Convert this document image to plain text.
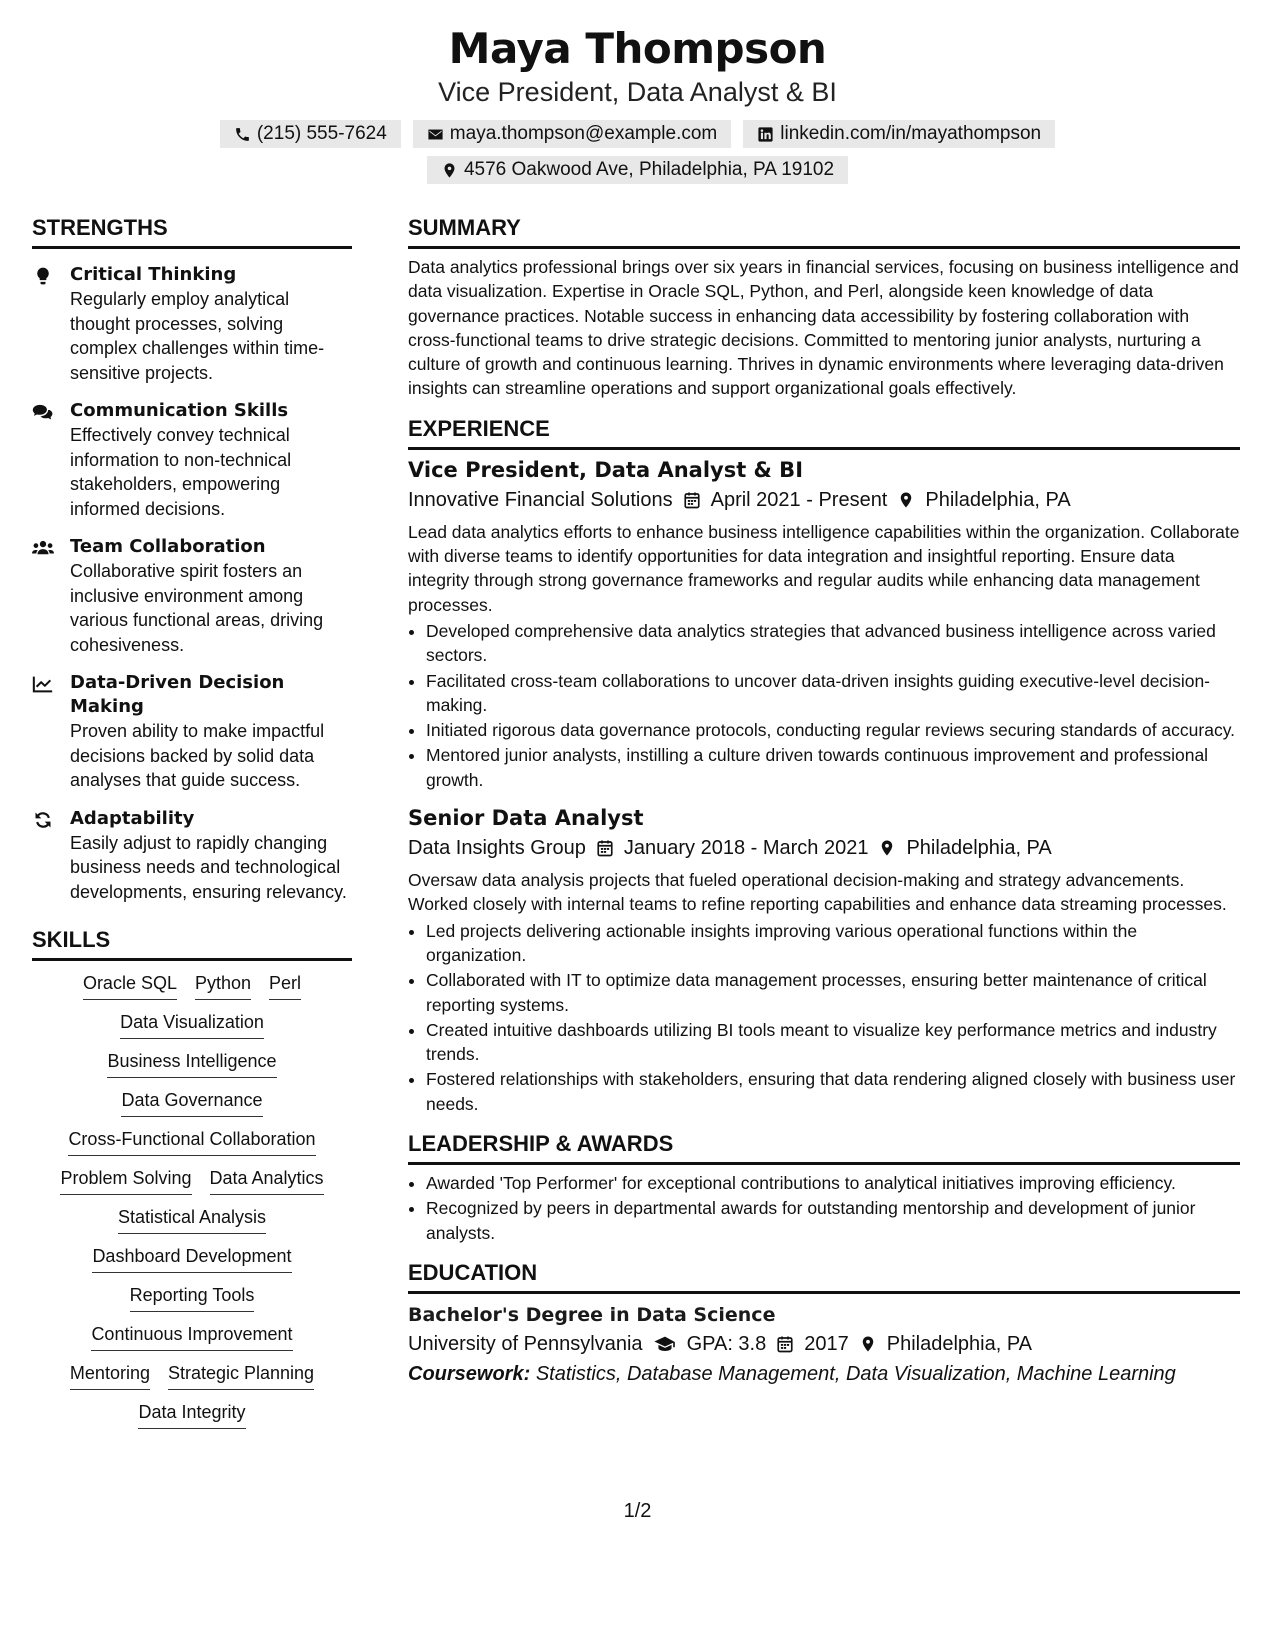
Maya Thompson
Vice President, Data Analyst & BI
(215) 555-7624	maya.thompson@example.com	linkedin.com/in/mayathompson
4576 Oakwood Ave, Philadelphia, PA 19102
STRENGTHS
Critical Thinking
Regularly employ analytical thought processes, solving complex challenges within time-sensitive projects.
Communication Skills
Effectively convey technical information to non-technical stakeholders, empowering informed decisions.
Team Collaboration
Collaborative spirit fosters an inclusive environment among various functional areas, driving cohesiveness.
Data-Driven Decision Making
Proven ability to make impactful decisions backed by solid data analyses that guide success.
Adaptability
Easily adjust to rapidly changing business needs and technological developments, ensuring relevancy.
SKILLS
Oracle SQL Python Perl
Data Visualization
Business Intelligence
Data Governance
Cross-Functional Collaboration
Problem Solving Data Analytics
Statistical Analysis
Dashboard Development
Reporting Tools
Continuous Improvement
Mentoring Strategic Planning
Data Integrity
SUMMARY
Data analytics professional brings over six years in financial services, focusing on business intelligence and data visualization. Expertise in Oracle SQL, Python, and Perl, alongside keen knowledge of data governance practices. Notable success in enhancing data accessibility by fostering collaboration with cross-functional teams to drive strategic decisions. Committed to mentoring junior analysts, nurturing a culture of growth and continuous learning. Thrives in dynamic environments where leveraging data-driven insights can streamline operations and support organizational goals effectively.
EXPERIENCE
Vice President, Data Analyst & BI
Innovative Financial Solutions April 2021 - Present Philadelphia, PA
Lead data analytics efforts to enhance business intelligence capabilities within the organization. Collaborate with diverse teams to identify opportunities for data integration and insightful reporting. Ensure data integrity through strong governance frameworks and regular audits while enhancing data management processes.
• Developed comprehensive data analytics strategies that advanced business intelligence across varied sectors.
• Facilitated cross-team collaborations to uncover data-driven insights guiding executive-level decision-making.
• Initiated rigorous data governance protocols, conducting regular reviews securing standards of accuracy.
• Mentored junior analysts, instilling a culture driven towards continuous improvement and professional growth.
Senior Data Analyst
Data Insights Group January 2018 - March 2021 Philadelphia, PA
Oversaw data analysis projects that fueled operational decision-making and strategy advancements. Worked closely with internal teams to refine reporting capabilities and enhance data streaming processes.
• Led projects delivering actionable insights improving various operational functions within the organization.
• Collaborated with IT to optimize data management processes, ensuring better maintenance of critical reporting systems.
• Created intuitive dashboards utilizing BI tools meant to visualize key performance metrics and industry trends.
• Fostered relationships with stakeholders, ensuring that data rendering aligned closely with business user needs.
LEADERSHIP & AWARDS
• Awarded 'Top Performer' for exceptional contributions to analytical initiatives improving efficiency.
• Recognized by peers in departmental awards for outstanding mentorship and development of junior analysts.
EDUCATION
Bachelor's Degree in Data Science
University of Pennsylvania GPA: 3.8 2017 Philadelphia, PA
Coursework: Statistics, Database Management, Data Visualization, Machine Learning
1/2
